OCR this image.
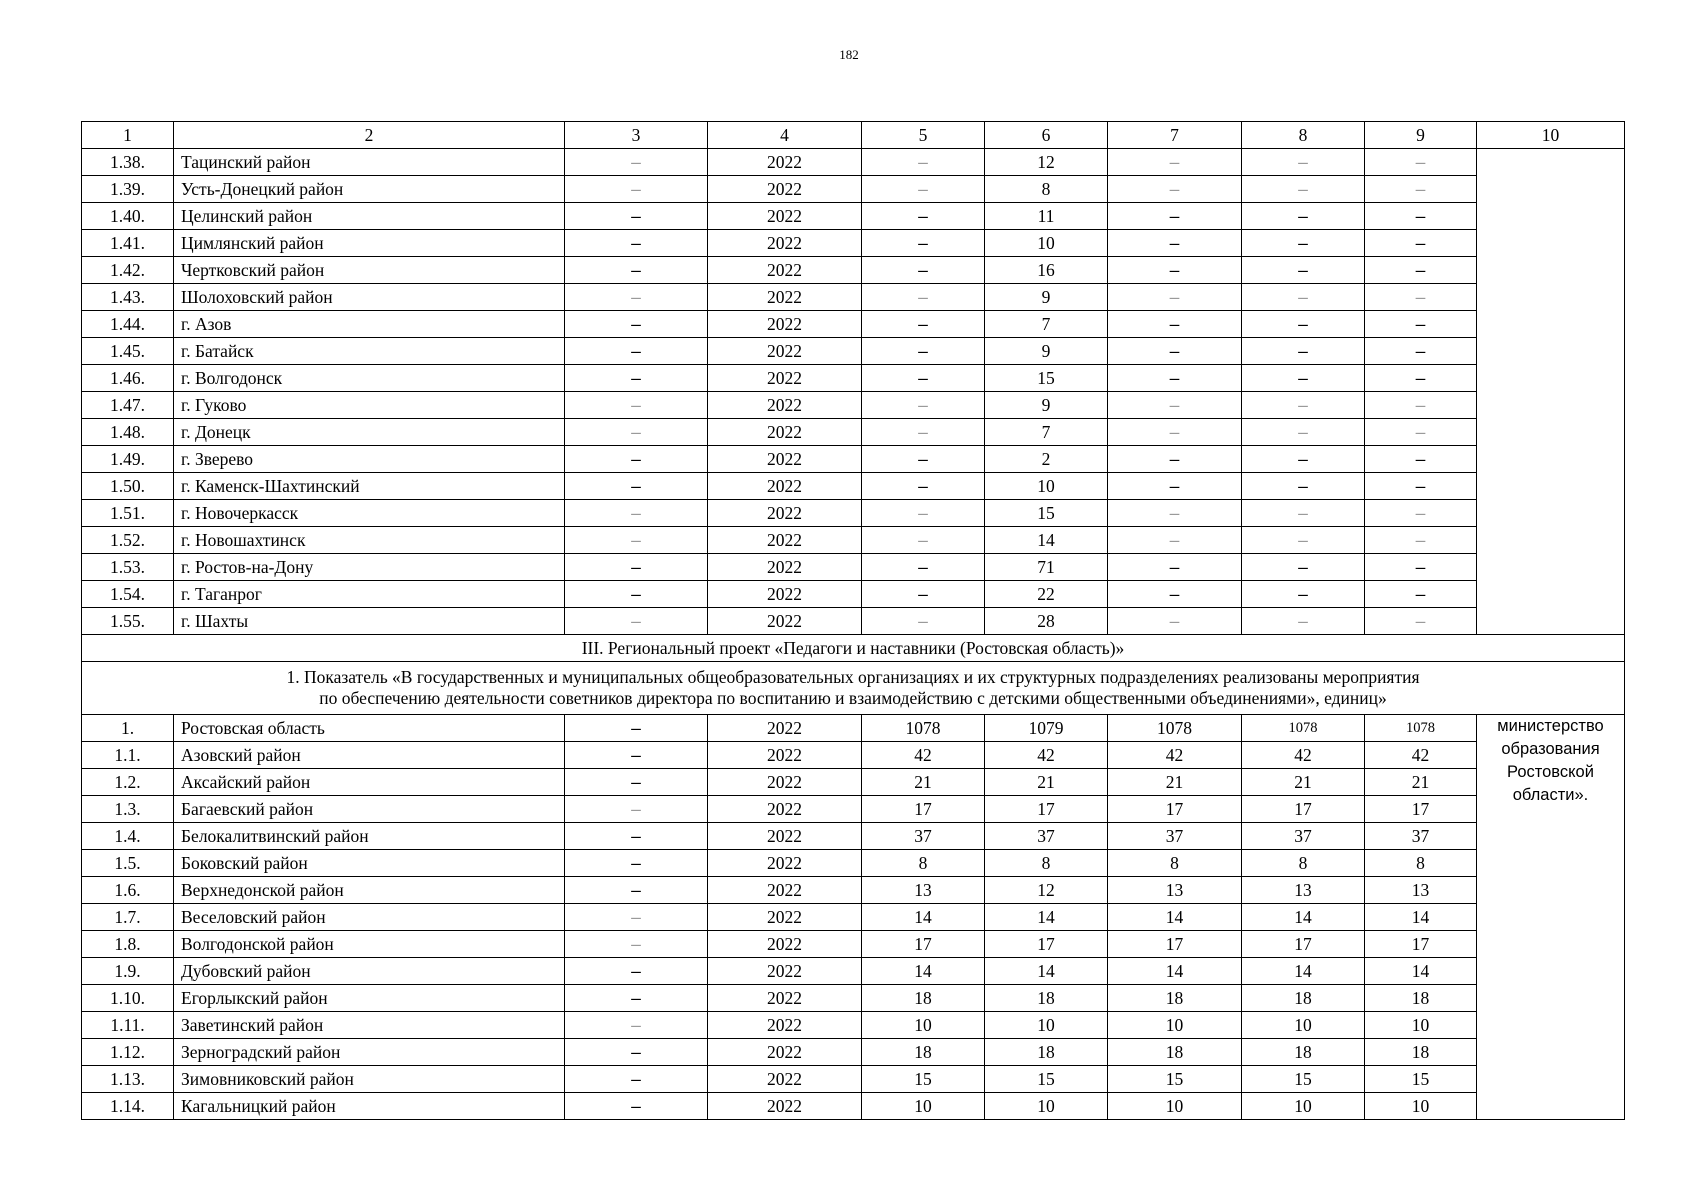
182
1	2	3	4	5	6	7	8	9	10
1.38.	Тацинский район	–	2022	–	12	–	–	–	
1.39.	Усть-Донецкий район	–	2022	–	8	–	–	–	
1.40.	Целинский район	–	2022	–	11	–	–	–	
1.41.	Цимлянский район	–	2022	–	10	–	–	–	
1.42.	Чертковский район	–	2022	–	16	–	–	–	
1.43.	Шолоховский район	–	2022	–	9	–	–	–	
1.44.	г. Азов	–	2022	–	7	–	–	–	
1.45.	г. Батайск	–	2022	–	9	–	–	–	
1.46.	г. Волгодонск	–	2022	–	15	–	–	–	
1.47.	г. Гуково	–	2022	–	9	–	–	–	
1.48.	г. Донецк	–	2022	–	7	–	–	–	
1.49.	г. Зверево	–	2022	–	2	–	–	–	
1.50.	г. Каменск-Шахтинский	–	2022	–	10	–	–	–	
1.51.	г. Новочеркасск	–	2022	–	15	–	–	–	
1.52.	г. Новошахтинск	–	2022	–	14	–	–	–	
1.53.	г. Ростов-на-Дону	–	2022	–	71	–	–	–	
1.54.	г. Таганрог	–	2022	–	22	–	–	–	
1.55.	г. Шахты	–	2022	–	28	–	–	–	
III. Региональный проект «Педагоги и наставники (Ростовская область)»									

1. Показатель «В государственных и муниципальных общеобразовательных организациях и их структурных подразделениях реализованы мероприятия
по обеспечению деятельности советников директора по воспитанию и взаимодействию с детскими общественными объединениями», единиц»									

1.	Ростовская область	–	2022	1078	1079	1078	1078	1078	министерство образования Ростовской области».
1.1.	Азовский район	–	2022	42	42	42	42	42	
1.2.	Аксайский район	–	2022	21	21	21	21	21	
1.3.	Багаевский район	–	2022	17	17	17	17	17	
1.4.	Белокалитвинский район	–	2022	37	37	37	37	37	
1.5.	Боковский район	–	2022	8	8	8	8	8	
1.6.	Верхнедонской район	–	2022	13	12	13	13	13	
1.7.	Веселовский район	–	2022	14	14	14	14	14	
1.8.	Волгодонской район	–	2022	17	17	17	17	17	
1.9.	Дубовский район	–	2022	14	14	14	14	14	
1.10.	Егорлыкский район	–	2022	18	18	18	18	18	
1.11.	Заветинский район	–	2022	10	10	10	10	10	
1.12.	Зерноградский район	–	2022	18	18	18	18	18	
1.13.	Зимовниковский район	–	2022	15	15	15	15	15	
1.14.	Кагальницкий район	–	2022	10	10	10	10	10	
